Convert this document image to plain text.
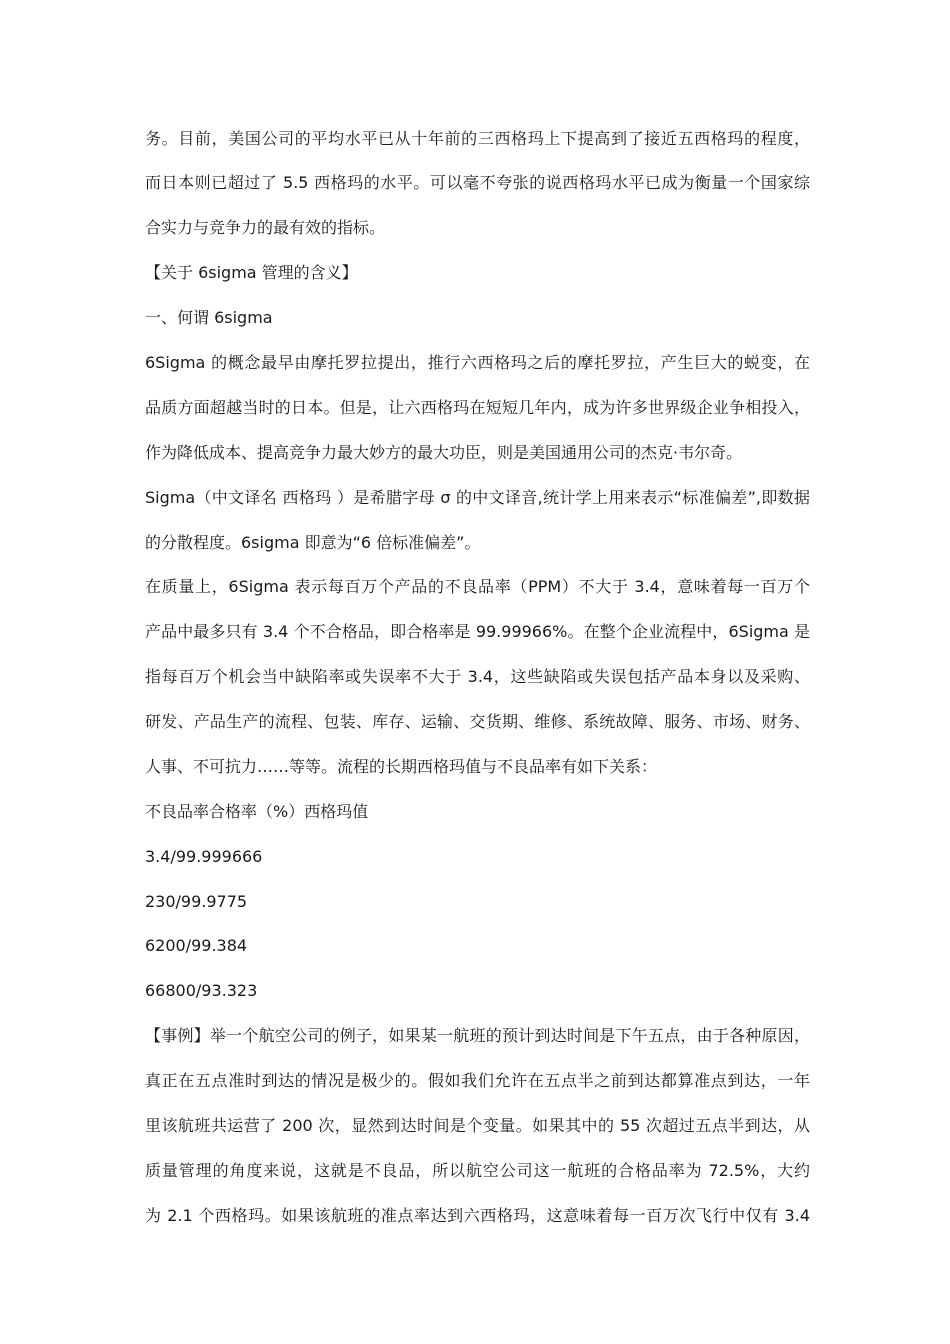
务。目前，美国公司的平均水平已从十年前的三西格玛上下提高到了接近五西格玛的程度，
而日本则已超过了 5.5 西格玛的水平。可以毫不夸张的说西格玛水平已成为衡量一个国家综
合实力与竞争力的最有效的指标。
【关于 6sigma 管理的含义】
一、何谓 6sigma
6Sigma 的概念最早由摩托罗拉提出，推行六西格玛之后的摩托罗拉，产生巨大的蜕变，在
品质方面超越当时的日本。但是，让六西格玛在短短几年内，成为许多世界级企业争相投入，
作为降低成本、提高竞争力最大妙方的最大功臣，则是美国通用公司的杰克·韦尔奇。
Sigma（中文译名 西格玛 ）是希腊字母 σ 的中文译音,统计学上用来表示“标准偏差”,即数据
的分散程度。6sigma 即意为“6 倍标准偏差”。
在质量上，6Sigma 表示每百万个产品的不良品率（PPM）不大于 3.4，意味着每一百万个
产品中最多只有 3.4 个不合格品，即合格率是 99.99966%。在整个企业流程中，6Sigma 是
指每百万个机会当中缺陷率或失误率不大于 3.4，这些缺陷或失误包括产品本身以及采购、
研发、产品生产的流程、包装、库存、运输、交货期、维修、系统故障、服务、市场、财务、
人事、不可抗力……等等。流程的长期西格玛值与不良品率有如下关系：
不良品率合格率（%）西格玛值
3.4/99.999666
230/99.9775
6200/99.384
66800/93.323
【事例】举一个航空公司的例子，如果某一航班的预计到达时间是下午五点，由于各种原因，
真正在五点准时到达的情况是极少的。假如我们允许在五点半之前到达都算准点到达，一年
里该航班共运营了 200 次，显然到达时间是个变量。如果其中的 55 次超过五点半到达，从
质量管理的角度来说，这就是不良品，所以航空公司这一航班的合格品率为 72.5%，大约
为 2.1 个西格玛。如果该航班的准点率达到六西格玛，这意味着每一百万次飞行中仅有 3.4
